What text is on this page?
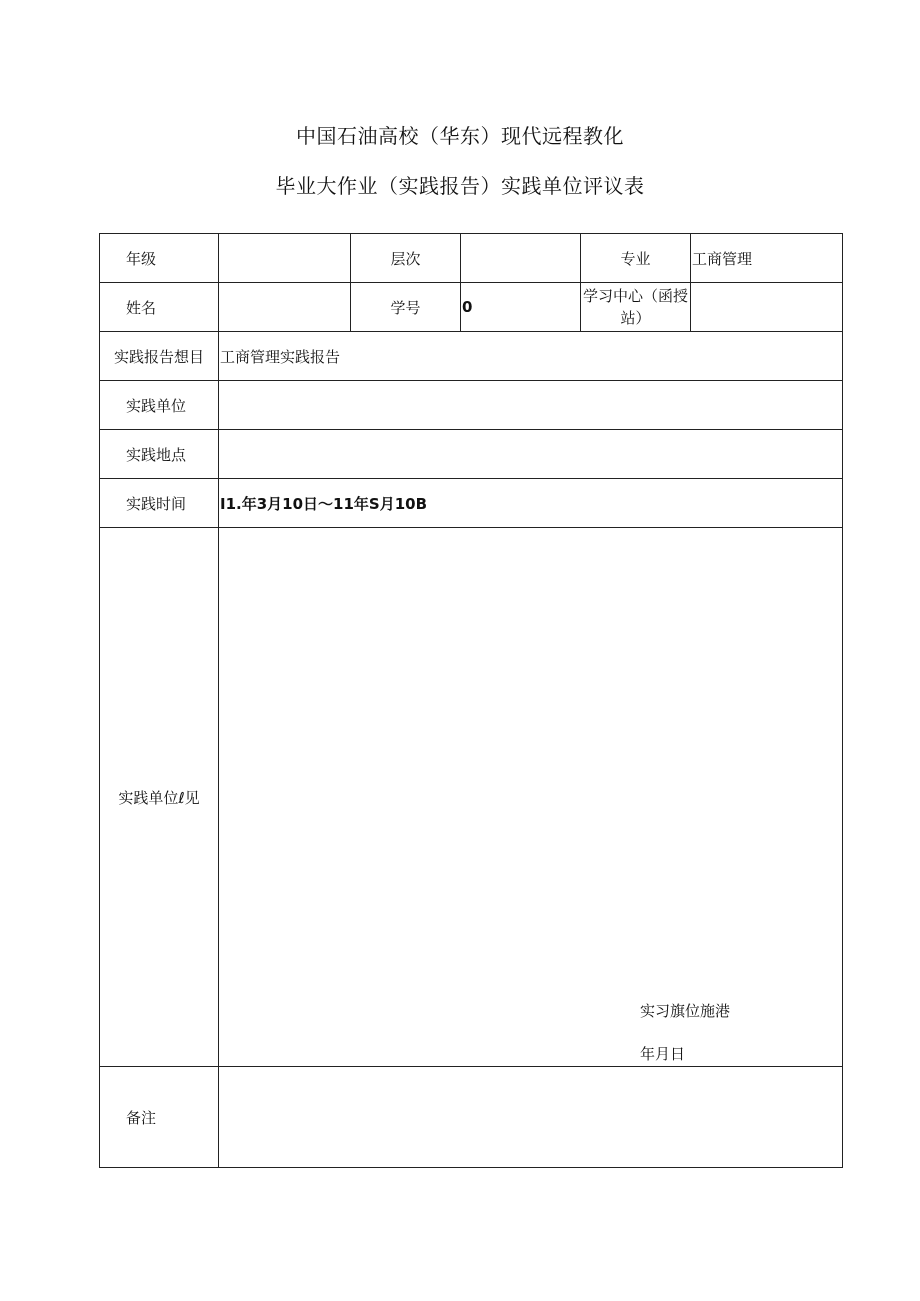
中国石油高校（华东）现代远程教化
毕业大作业（实践报告）实践单位评议表
年级		层次		专业	工商管理
姓名		学号	0	学习中心（函授
站）	

实践报告想目	工商管理实践报告				
实践单位					
实践地点					
实践时间	I1.年3月10日〜11年S月10B				
实践单位ℓ见	实习旗位施港
年月日				

备注					
